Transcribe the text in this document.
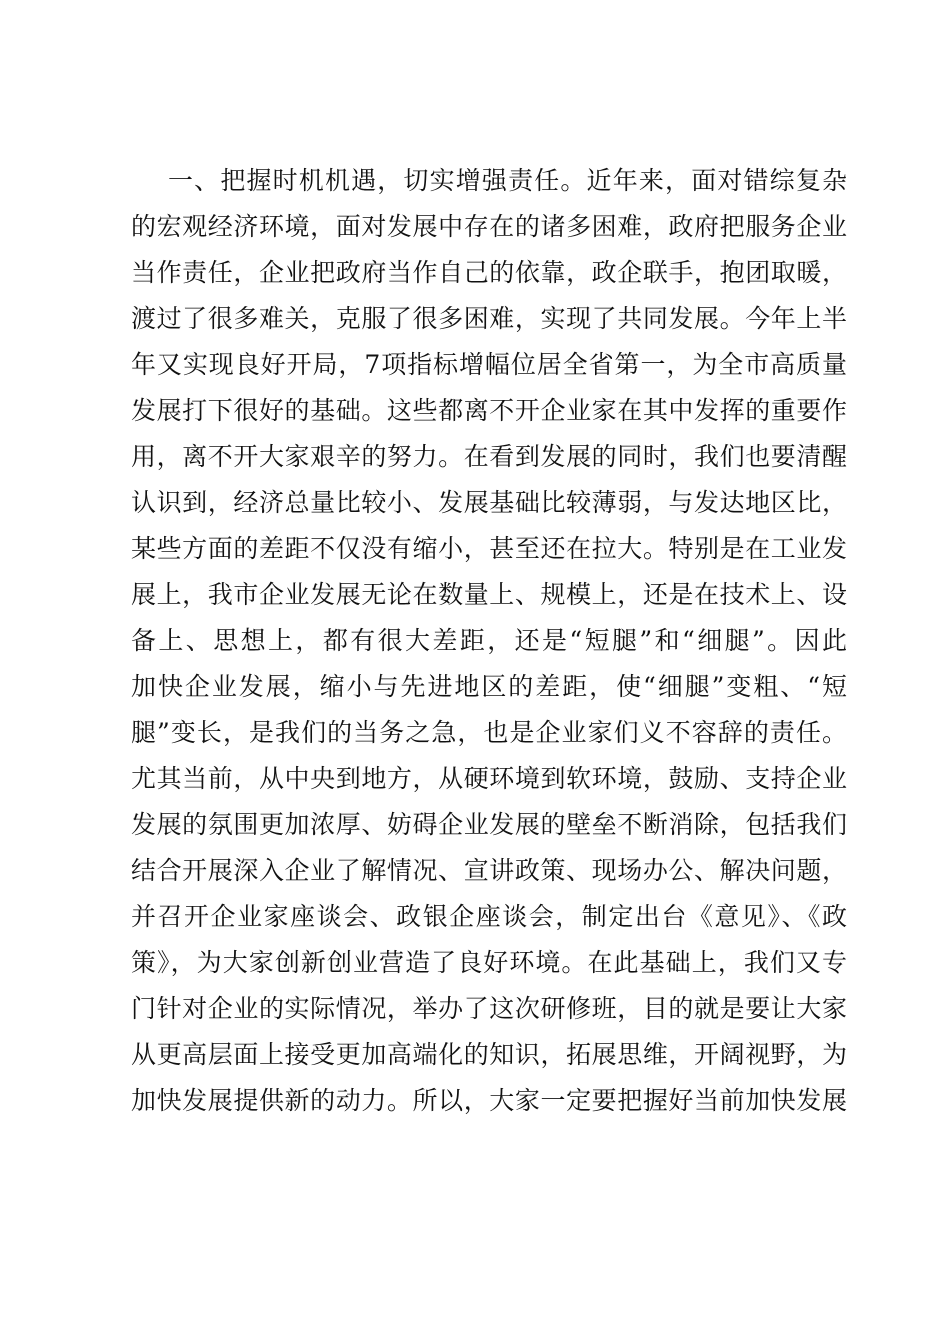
一、把握时机机遇，切实增强责任。近年来，面对错综复杂
的宏观经济环境，面对发展中存在的诸多困难，政府把服务企业
当作责任，企业把政府当作自己的依靠，政企联手，抱团取暖，
渡过了很多难关，克服了很多困难，实现了共同发展。今年上半
年又实现良好开局，7项指标增幅位居全省第一，为全市高质量
发展打下很好的基础。这些都离不开企业家在其中发挥的重要作
用，离不开大家艰辛的努力。在看到发展的同时，我们也要清醒
认识到，经济总量比较小、发展基础比较薄弱，与发达地区比，
某些方面的差距不仅没有缩小，甚至还在拉大。特别是在工业发
展上，我市企业发展无论在数量上、规模上，还是在技术上、设
备上、思想上，都有很大差距，还是“短腿”和“细腿”。因此
加快企业发展，缩小与先进地区的差距，使“细腿”变粗、“短
腿”变长，是我们的当务之急，也是企业家们义不容辞的责任。
尤其当前，从中央到地方，从硬环境到软环境，鼓励、支持企业
发展的氛围更加浓厚、妨碍企业发展的壁垒不断消除，包括我们
结合开展深入企业了解情况、宣讲政策、现场办公、解决问题，
并召开企业家座谈会、政银企座谈会，制定出台《意见》、《政
策》，为大家创新创业营造了良好环境。在此基础上，我们又专
门针对企业的实际情况，举办了这次研修班，目的就是要让大家
从更高层面上接受更加高端化的知识，拓展思维，开阔视野，为
加快发展提供新的动力。所以，大家一定要把握好当前加快发展
